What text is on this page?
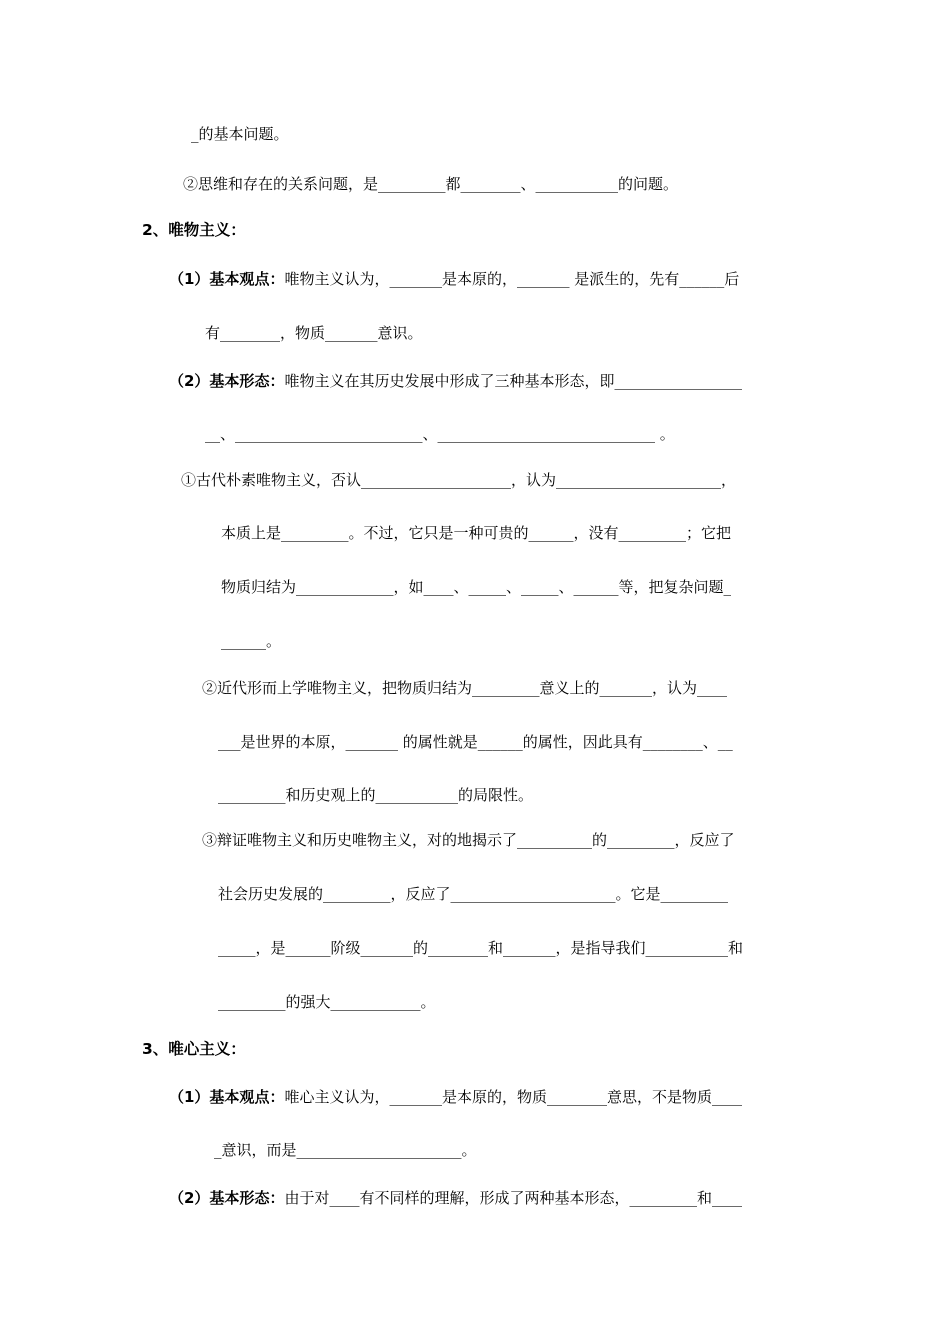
_的基本问题。
②思维和存在的关系问题，是_________都________、___________的问题。
2、唯物主义：
（1）基本观点：唯物主义认为，_______是本原的，_______ 是派生的，先有______后
有________，物质_______意识。
（2）基本形态：唯物主义在其历史发展中形成了三种基本形态，即_________________
__、_________________________、_____________________________ 。
①古代朴素唯物主义，否认____________________，认为______________________，
本质上是_________。不过，它只是一种可贵的______，没有_________；它把
物质归结为_____________，如____、_____、_____、______等，把复杂问题_
______。
②近代形而上学唯物主义，把物质归结为_________意义上的_______，认为____
___是世界的本原，_______ 的属性就是______的属性，因此具有________、__
_________和历史观上的___________的局限性。
③辩证唯物主义和历史唯物主义，对的地揭示了__________的_________，反应了
社会历史发展的_________，反应了______________________。它是_________
_____，是______阶级_______的________和_______，是指导我们___________和
_________的强大____________。
3、唯心主义：
（1）基本观点：唯心主义认为，_______是本原的，物质________意思，不是物质____
_意识，而是______________________。
（2）基本形态：由于对____有不同样的理解，形成了两种基本形态，_________和____
